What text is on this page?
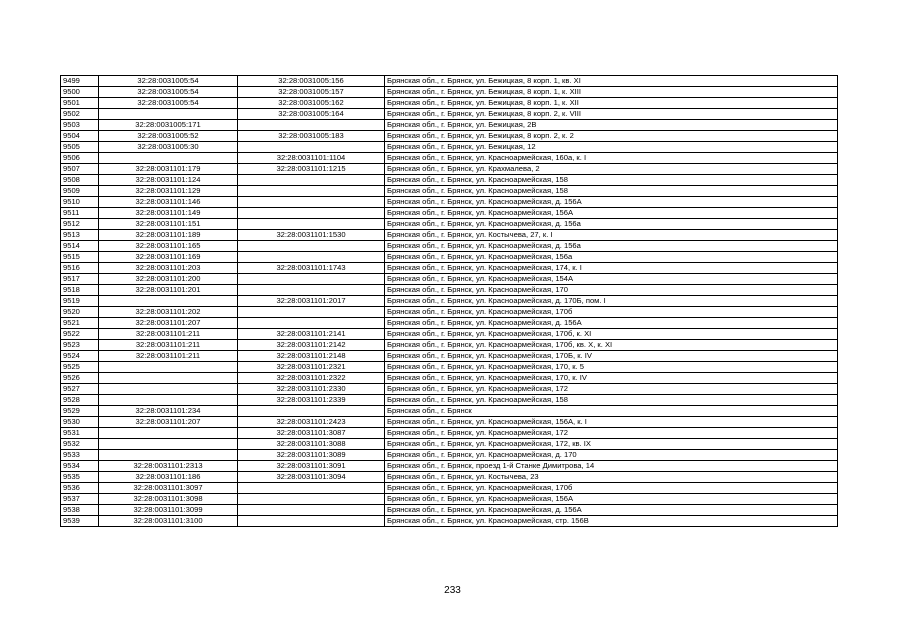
9499	32:28:0031005:54	32:28:0031005:156	Брянская обл., г. Брянск, ул. Бежицкая, 8 корп. 1, кв. XI
9500	32:28:0031005:54	32:28:0031005:157	Брянская обл., г. Брянск, ул. Бежицкая, 8 корп. 1, к. XIII
9501	32:28:0031005:54	32:28:0031005:162	Брянская обл., г. Брянск, ул. Бежицкая, 8 корп. 1, к. XII
9502		32:28:0031005:164	Брянская обл., г. Брянск, ул. Бежицкая, 8 корп. 2, к. VIII
9503	32:28:0031005:171		Брянская обл., г. Брянск, ул. Бежицкая, 2В
9504	32:28:0031005:52	32:28:0031005:183	Брянская обл., г. Брянск, ул. Бежицкая, 8 корп. 2, к. 2
9505	32:28:0031005:30		Брянская обл., г. Брянск, ул. Бежицкая, 12
9506		32:28:0031101:1104	Брянская обл., г. Брянск, ул. Красноармейская, 160а, к. I
9507	32:28:0031101:179	32:28:0031101:1215	Брянская обл., г. Брянск, ул. Крахмалева, 2
9508	32:28:0031101:124		Брянская обл., г. Брянск, ул. Красноармейская, 158
9509	32:28:0031101:129		Брянская обл., г. Брянск, ул. Красноармейская, 158
9510	32:28:0031101:146		Брянская обл., г. Брянск, ул. Красноармейская, д. 156А
9511	32:28:0031101:149		Брянская обл., г. Брянск, ул. Красноармейская, 156А
9512	32:28:0031101:151		Брянская обл., г. Брянск, ул. Красноармейская, д. 156а
9513	32:28:0031101:189	32:28:0031101:1530	Брянская обл., г. Брянск, ул. Костычева, 27, к. I
9514	32:28:0031101:165		Брянская обл., г. Брянск, ул. Красноармейская, д. 156а
9515	32:28:0031101:169		Брянская обл., г. Брянск, ул. Красноармейская, 156а
9516	32:28:0031101:203	32:28:0031101:1743	Брянская обл., г. Брянск, ул. Красноармейская, 174, к. I
9517	32:28:0031101:200		Брянская обл., г. Брянск, ул. Красноармейская, 154А
9518	32:28:0031101:201		Брянская обл., г. Брянск, ул. Красноармейская, 170
9519		32:28:0031101:2017	Брянская обл., г. Брянск, ул. Красноармейская, д. 170Б, пом. I
9520	32:28:0031101:202		Брянская обл., г. Брянск, ул. Красноармейская, 170б
9521	32:28:0031101:207		Брянская обл., г. Брянск, ул. Красноармейская, д. 156А
9522	32:28:0031101:211	32:28:0031101:2141	Брянская обл., г. Брянск, ул. Красноармейская, 170б, к. XI
9523	32:28:0031101:211	32:28:0031101:2142	Брянская обл., г. Брянск, ул. Красноармейская, 170б, кв. X, к. XI
9524	32:28:0031101:211	32:28:0031101:2148	Брянская обл., г. Брянск, ул. Красноармейская, 170Б, к. IV
9525		32:28:0031101:2321	Брянская обл., г. Брянск, ул. Красноармейская, 170, к. 5
9526		32:28:0031101:2322	Брянская обл., г. Брянск, ул. Красноармейская, 170, к. IV
9527		32:28:0031101:2330	Брянская обл., г. Брянск, ул. Красноармейская, 172
9528		32:28:0031101:2339	Брянская обл., г. Брянск, ул. Красноармейская, 158
9529	32:28:0031101:234		Брянская обл., г. Брянск
9530	32:28:0031101:207	32:28:0031101:2423	Брянская обл., г. Брянск, ул. Красноармейская, 156А, к. I
9531		32:28:0031101:3087	Брянская обл., г. Брянск, ул. Красноармейская, 172
9532		32:28:0031101:3088	Брянская обл., г. Брянск, ул. Красноармейская, 172, кв. IX
9533		32:28:0031101:3089	Брянская обл., г. Брянск, ул. Красноармейская, д. 170
9534	32:28:0031101:2313	32:28:0031101:3091	Брянская обл., г. Брянск, проезд 1-й Станке Димитрова, 14
9535	32:28:0031101:186	32:28:0031101:3094	Брянская обл., г. Брянск, ул. Костычева, 23
9536	32:28:0031101:3097		Брянская обл., г. Брянск, ул. Красноармейская, 170б
9537	32:28:0031101:3098		Брянская обл., г. Брянск, ул. Красноармейская, 156А
9538	32:28:0031101:3099		Брянская обл., г. Брянск, ул. Красноармейская, д. 156А
9539	32:28:0031101:3100		Брянская обл., г. Брянск, ул. Красноармейская, стр. 156В
233
